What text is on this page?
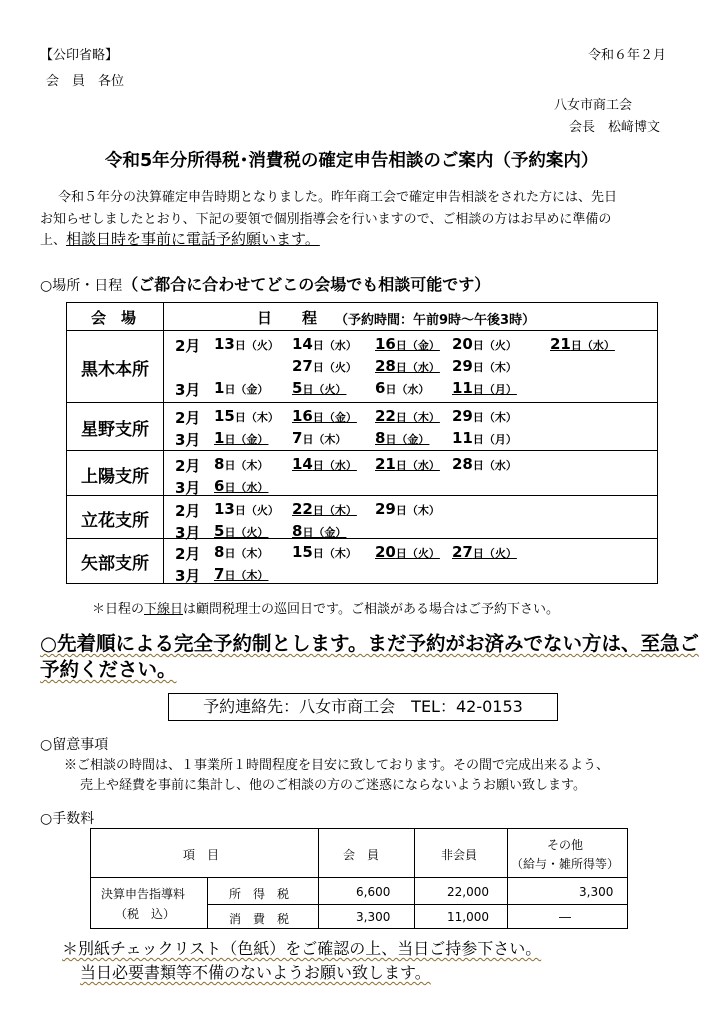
【公印省略】	令和６年２月
会　員　各位
八女市商工会
会長　松﨑博文
令和5年分所得税･消費税の確定申告相談のご案内（予約案内）
令和５年分の決算確定申告時期となりました。昨年商工会で確定申告相談をされた方には、先日
お知らせしましたとおり、下記の要領で個別指導会を行いますので、ご相談の方はお早めに準備の
上、相談日時を事前に電話予約願います。
○場所・日程（ご都合に合わせてどこの会場でも相談可能です）
会　場	日　　程 （予約時間：午前9時～午後3時）
黒木本所
2月 13日（火） 14日（水） 16日（金） 20日（火） 21日（水）
27日（火） 28日（水） 29日（木）
3月 1日（金） 5日（火） 6日（水） 11日（月）
星野支所
2月 15日（木） 16日（金） 22日（木） 29日（木）
3月 1日（金） 7日（木） 8日（金） 11日（月）
上陽支所
2月 8日（木） 14日（水） 21日（水） 28日（水）
3月 6日（水）
立花支所	2月 13日（火） 22日（木） 29日（木）
3月 5日（火） 8日（金）
矢部支所	2月 8日（木） 15日（木） 20日（火） 27日（火）
3月 7日（木）
＊日程の下線日は顧問税理士の巡回日です。ご相談がある場合はご予約下さい。
○先着順による完全予約制とします。まだ予約がお済みでない方は、至急ご
予約ください。
予約連絡先：八女市商工会　TEL：42-0153
○留意事項
※ご相談の時間は、１事業所１時間程度を目安に致しております。その間で完成出来るよう、
売上や経費を事前に集計し、他のご相談の方のご迷惑にならないようお願い致します。
○手数料
項　目	会　員	非会員
その他
（給与・雑所得等）
決算申告指導料
（税　込）
所　得　税	6,600	22,000	3,300
消　費　税	3,300	11,000	―
＊別紙チェックリスト（色紙）をご確認の上、当日ご持参下さい。
当日必要書類等不備のないようお願い致します。
